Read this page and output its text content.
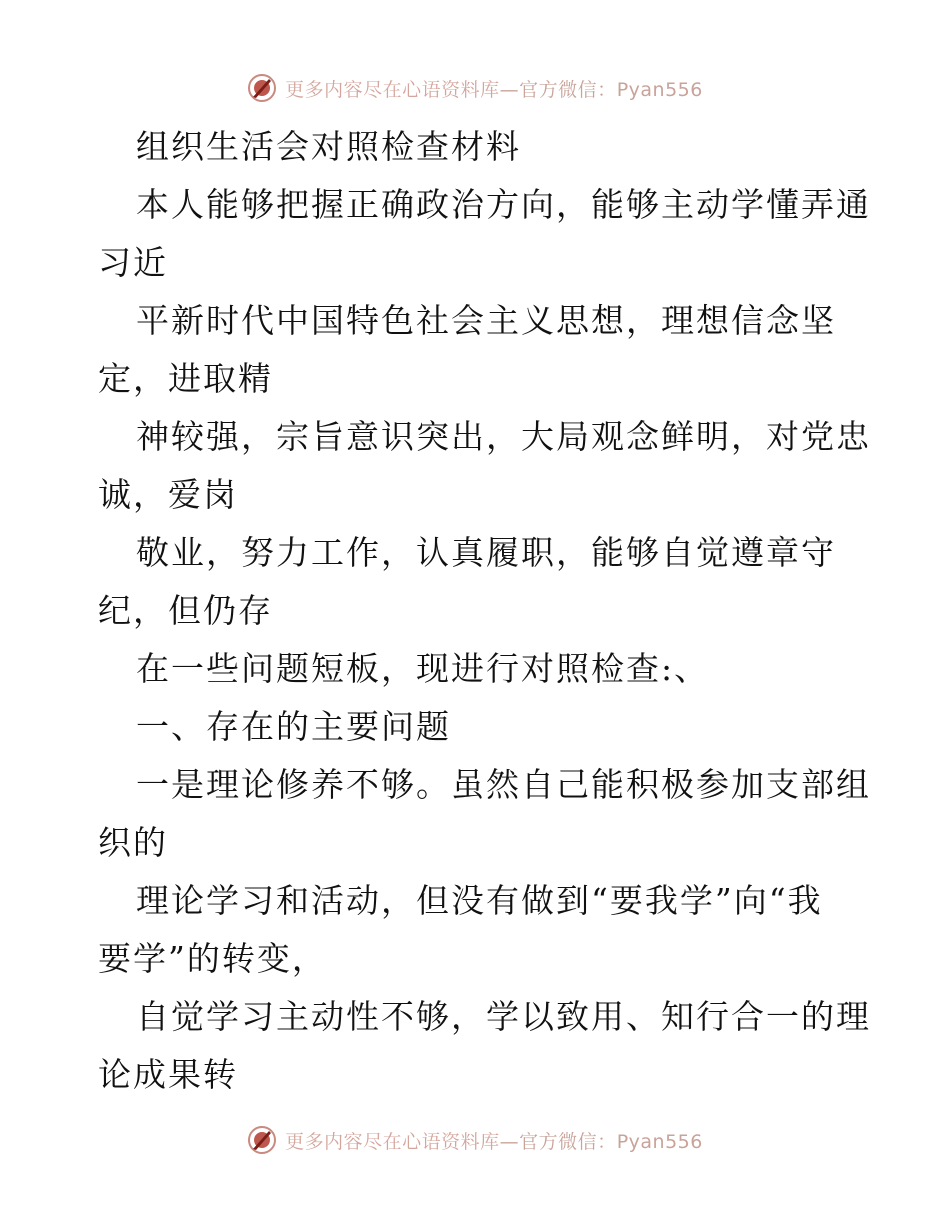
更多内容尽在心语资料库—官方微信：Pyan556
组织生活会对照检查材料
本人能够把握正确政治方向，能够主动学懂弄通
习近
平新时代中国特色社会主义思想，理想信念坚
定，进取精
神较强，宗旨意识突出，大局观念鲜明，对党忠
诚，爱岗
敬业，努力工作，认真履职，能够自觉遵章守
纪，但仍存
在一些问题短板，现进行对照检查:、
一、存在的主要问题
一是理论修养不够。虽然自己能积极参加支部组
织的
理论学习和活动，但没有做到“要我学”向“我
要学”的转变，
自觉学习主动性不够，学以致用、知行合一的理
论成果转
更多内容尽在心语资料库—官方微信：Pyan556
